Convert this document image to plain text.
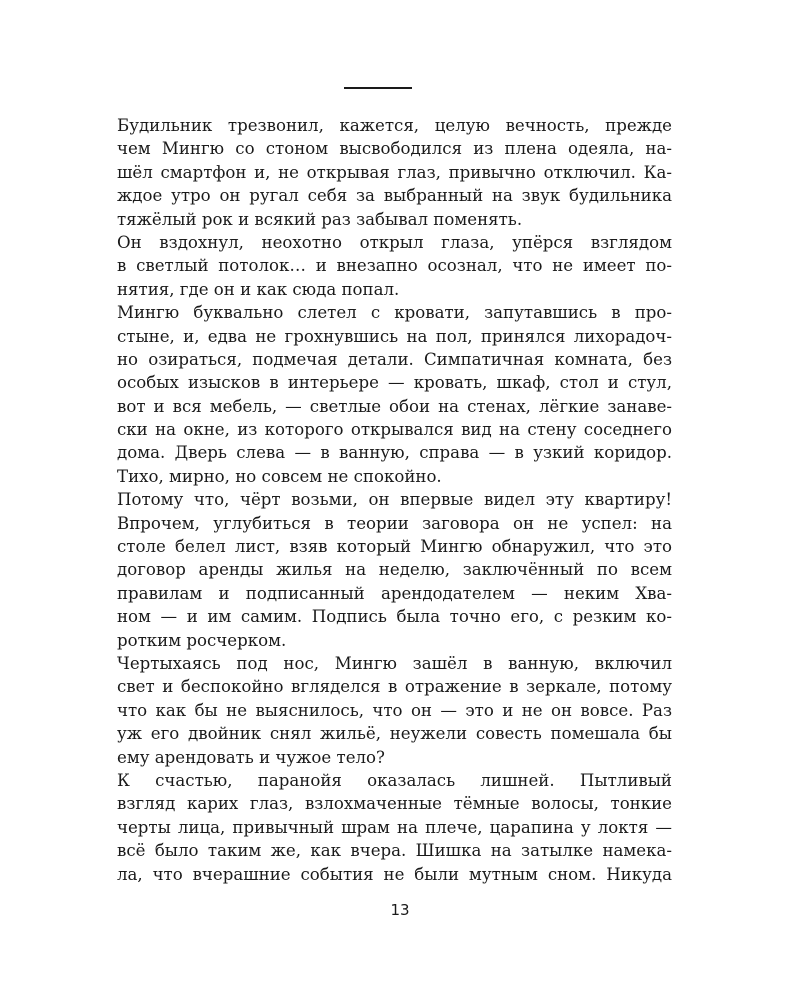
Будильник трезвонил, кажется, целую вечность, прежде
чем Мингю со стоном высвободился из плена одеяла, на-
шёл смартфон и, не открывая глаз, привычно отключил. Ка-
ждое утро он ругал себя за выбранный на звук будильника
тяжёлый рок и всякий раз забывал поменять.
Он вздохнул, неохотно открыл глаза, упёрся взглядом
в светлый потолок… и внезапно осознал, что не имеет по-
нятия, где он и как сюда попал.
Мингю буквально слетел с кровати, запутавшись в про-
стыне, и, едва не грохнувшись на пол, принялся лихорадоч-
но озираться, подмечая детали. Симпатичная комната, без
особых изысков в интерьере — кровать, шкаф, стол и стул,
вот и вся мебель, — светлые обои на стенах, лёгкие занаве-
ски на окне, из которого открывался вид на стену соседнего
дома. Дверь слева — в ванную, справа — в узкий коридор.
Тихо, мирно, но совсем не спокойно.
Потому что, чёрт возьми, он впервые видел эту квартиру!
Впрочем, углубиться в теории заговора он не успел: на
столе белел лист, взяв который Мингю обнаружил, что это
договор аренды жилья на неделю, заключённый по всем
правилам и подписанный арендодателем — неким Хва-
ном — и им самим. Подпись была точно его, с резким ко-
ротким росчерком.
Чертыхаясь под нос, Мингю зашёл в ванную, включил
свет и беспокойно вгляделся в отражение в зеркале, потому
что как бы не выяснилось, что он — это и не он вовсе. Раз
уж его двойник снял жильё, неужели совесть помешала бы
ему арендовать и чужое тело?
К счастью, паранойя оказалась лишней. Пытливый
взгляд карих глаз, взлохмаченные тёмные волосы, тонкие
черты лица, привычный шрам на плече, царапина у локтя —
всё было таким же, как вчера. Шишка на затылке намека-
ла, что вчерашние события не были мутным сном. Никуда
13
